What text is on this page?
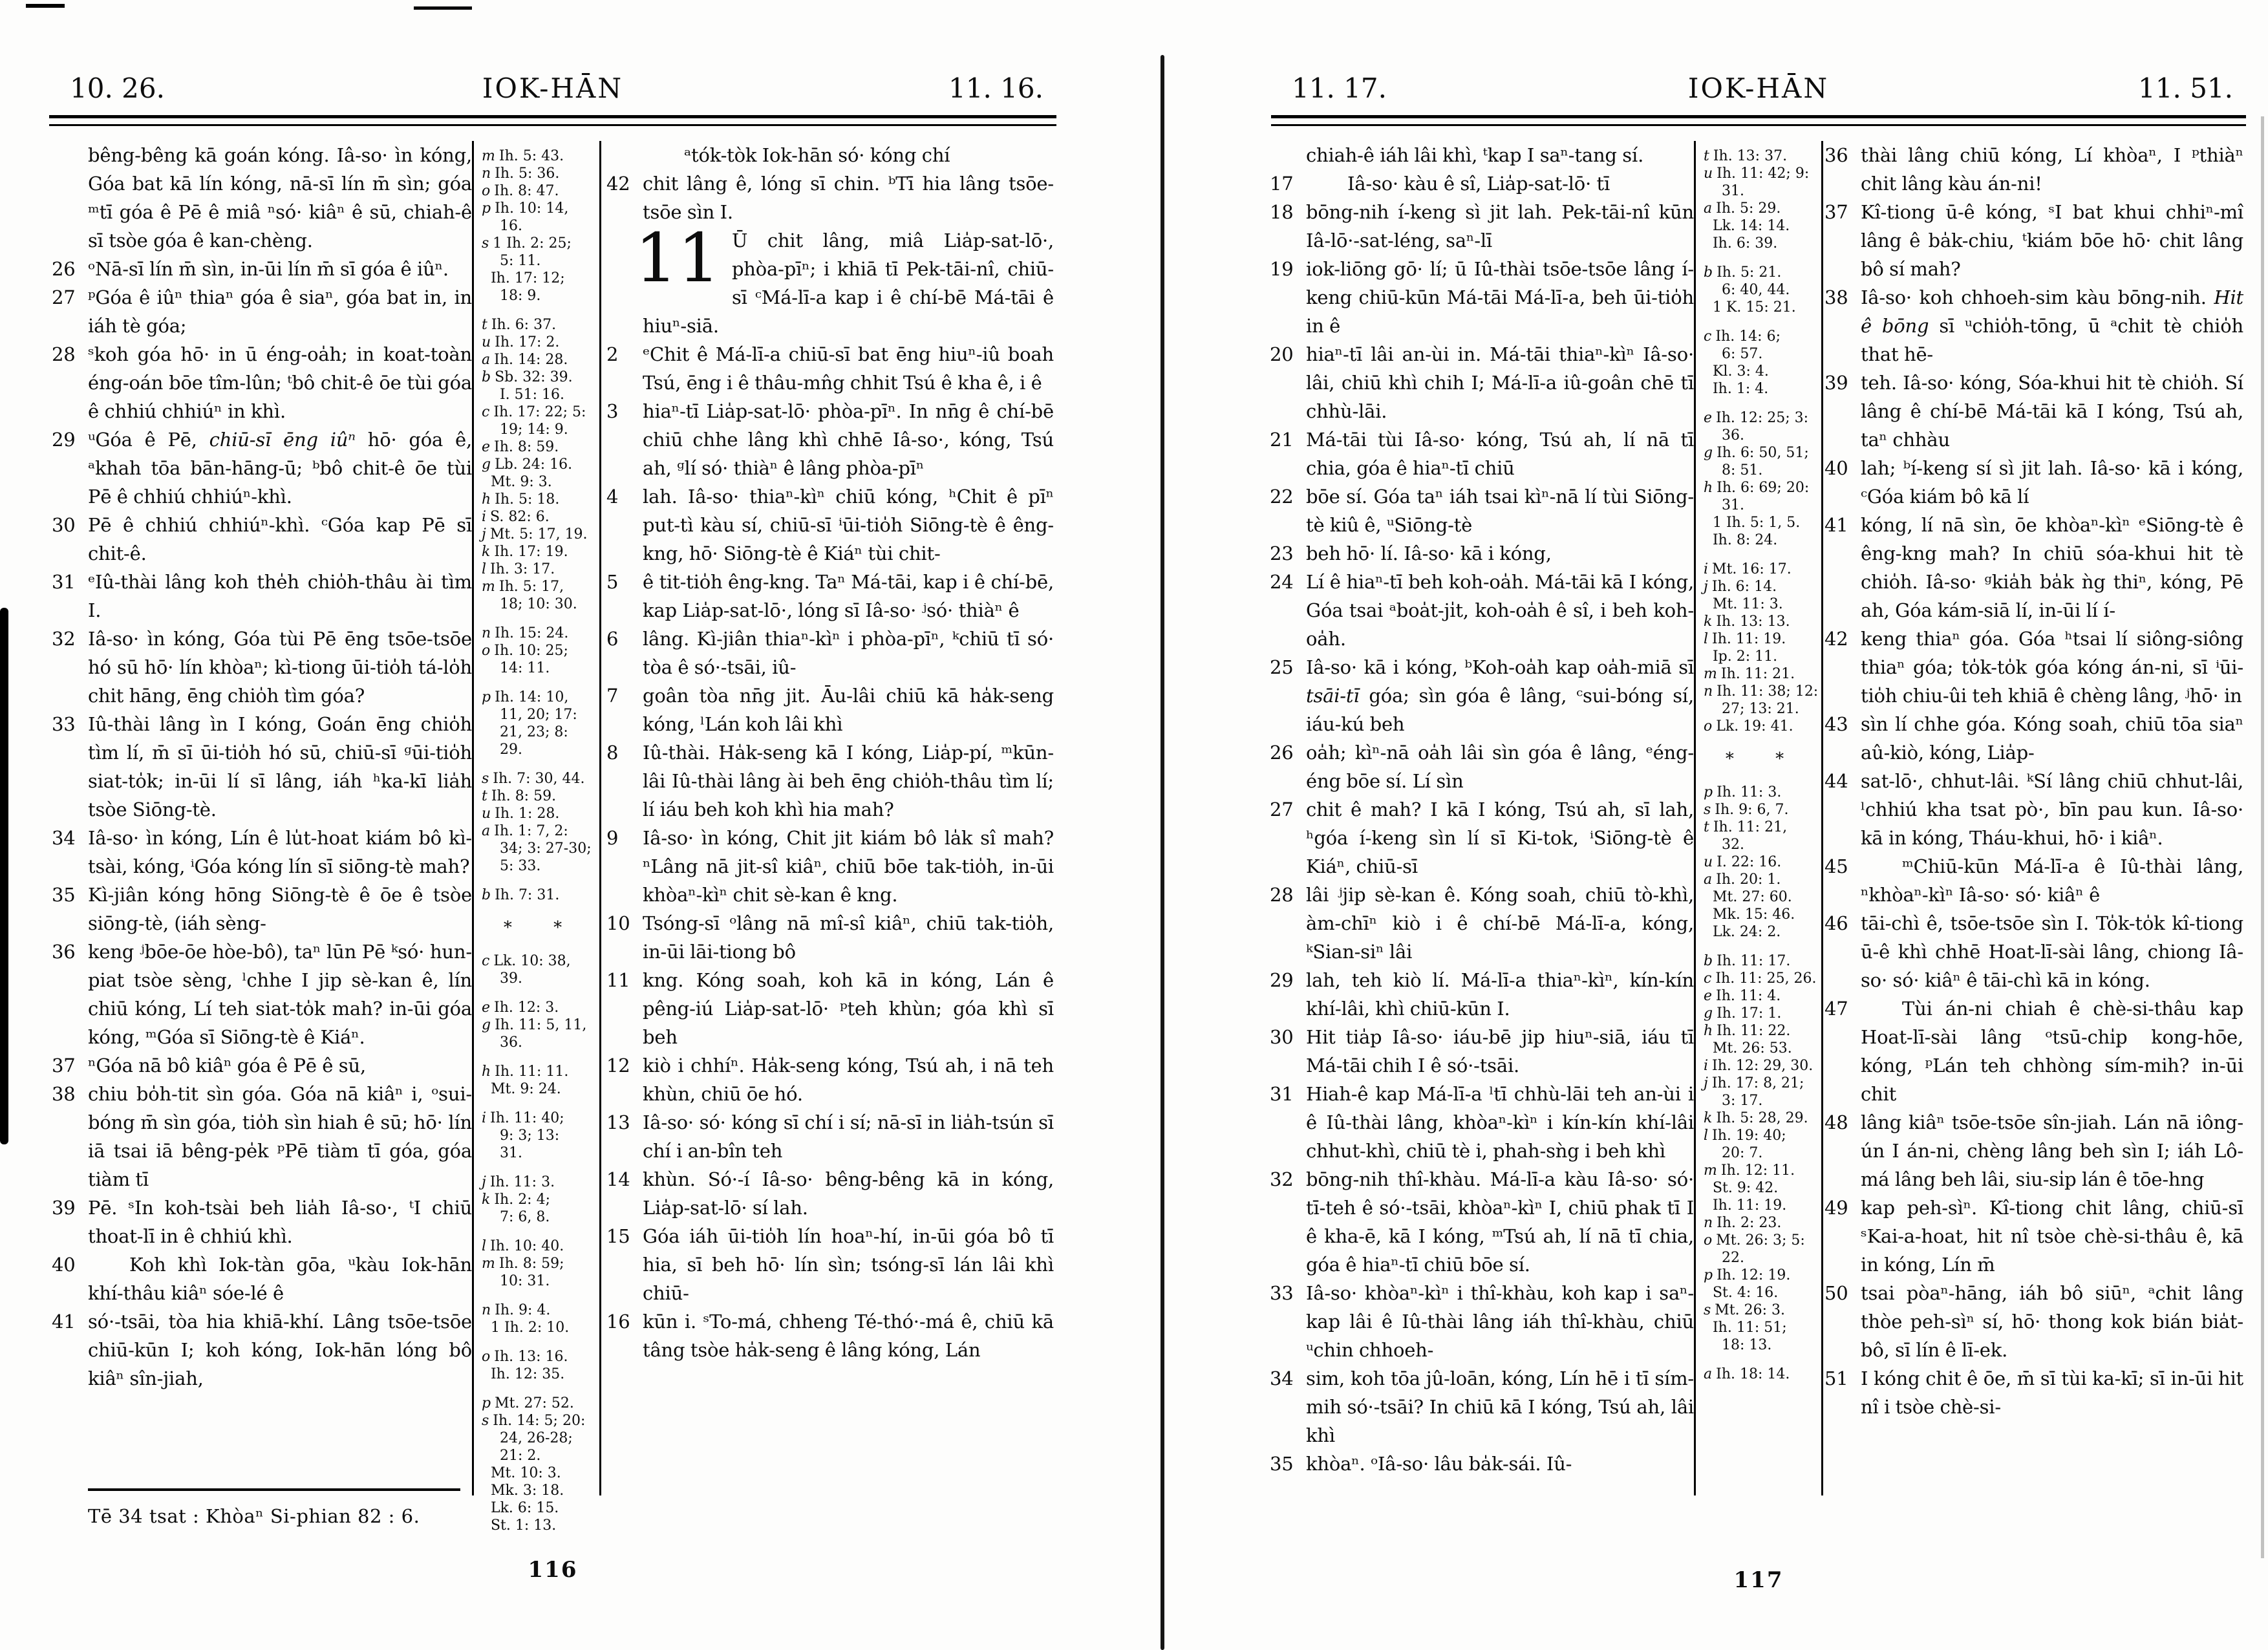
10. 26.	IOK-HĀN	11. 16.

bêng-bêng kā goán kóng. Iâ-so· ìn kóng, Góa bat kā lín kóng, nā-sī lín m̄ sìn; góa ᵐtī góa ê Pē ê miâ ⁿsó· kiâⁿ ê sū, chiah-ê sī tsòe góa ê kan-chèng.

26 ᵒNā-sī lín m̄ sìn, in-ūi lín m̄ sī góa ê iûⁿ.

27 ᵖGóa ê iûⁿ thiaⁿ góa ê siaⁿ, góa bat in, in iáh tè góa;

28 ˢkoh góa hō· in ū éng-oa̍h; in koat-toàn éng-oán bōe tîm-lûn; ᵗbô chit-ê ōe tùi góa ê chhiú chhiúⁿ in khì.

29 ᵘGóa ê Pē, chiū-sī ēng iûⁿ hō· góa ê, ᵃkhah tōa bān-hāng-ū; ᵇbô chit-ê ōe tùi Pē ê chhiú chhiúⁿ-khì.

30 Pē ê chhiú chhiúⁿ-khì. ᶜGóa kap Pē sī chit-ê.

31 ᵉIû-thài lâng koh the̍h chio̍h-thâu ài tìm I.

32 Iâ-so· ìn kóng, Góa tùi Pē ēng tsōe-tsōe hó sū hō· lín khòaⁿ; kì-tiong ūi-tio̍h tá-lo̍h chit hāng, ēng chio̍h tìm góa?

33 Iû-thài lâng ìn I kóng, Goán ēng chio̍h tìm lí, m̄ sī ūi-tio̍h hó sū, chiū-sī ᵍūi-tio̍h siat-to̍k; in-ūi lí sī lâng, iáh ʰka-kī lia̍h tsòe Siōng-tè.

34 Iâ-so· ìn kóng, Lín ê lu̍t-hoat kiám bô kì-tsài, kóng, ⁱGóa kóng lín sī siōng-tè mah?

35 Kì-jiân kóng hōng Siōng-tè ê ōe ê tsòe siōng-tè, (iáh sèng-

36 keng ʲbōe-ōe hòe-bô), taⁿ lūn Pē ᵏsó· hun-piat tsòe sèng, ˡchhe I jip sè-kan ê, lín chiū kóng, Lí teh siat-to̍k mah? in-ūi góa kóng, ᵐGóa sī Siōng-tè ê Kiáⁿ.

37 ⁿGóa nā bô kiâⁿ góa ê Pē ê sū,

38 chiu bo̍h-tit sìn góa. Góa nā kiâⁿ i, ᵒsui-bóng m̄ sìn góa, tio̍h sìn hiah ê sū; hō· lín iā tsai iā bêng-pe̍k ᵖPē tiàm tī góa, góa tiàm tī

39 Pē. ˢIn koh-tsài beh lia̍h Iâ-so·, ᵗI chiū thoat-lī in ê chhiú khì.

40	Koh khì Iok-tàn gōa, ᵘkàu Iok-hān khí-thâu kiâⁿ sóe-lé ê

41 só·-tsāi, tòa hia khiā-khí. Lâng tsōe-tsōe chiū-kūn I; koh kóng, Iok-hān lóng bô kiâⁿ sîn-jiah,

m Ih. 5: 43.
n Ih. 5: 36.
o Ih. 8: 47.
p Ih. 10: 14,
16.
s 1 Ih. 2: 25;
5: 11.
Ih. 17: 12;
18: 9.
t Ih. 6: 37.
u Ih. 17: 2.
a Ih. 14: 28.
b Sb. 32: 39.
I. 51: 16.
c Ih. 17: 22; 5:
19; 14: 9.
e Ih. 8: 59.
g Lb. 24: 16.
Mt. 9: 3.
h Ih. 5: 18.
i S. 82: 6.
j Mt. 5: 17, 19.
k Ih. 17: 19.
l Ih. 3: 17.
m Ih. 5: 17,
18; 10: 30.
n Ih. 15: 24.
o Ih. 10: 25;
14: 11.
p Ih. 14: 10,
11, 20; 17:
21, 23; 8:
29.
s Ih. 7: 30, 44.
t Ih. 8: 59.
u Ih. 1: 28.
a Ih. 1: 7, 2:
34; 3: 27-30;
5: 33.
b Ih. 7: 31.
* *
c Lk. 10: 38,
39.
e Ih. 12: 3.
g Ih. 11: 5, 11,
36.
h Ih. 11: 11.
Mt. 9: 24.
i Ih. 11: 40;
9: 3; 13:
31.
j Ih. 11: 3.
k Ih. 2: 4;
7: 6, 8.
l Ih. 10: 40.
m Ih. 8: 59;
10: 31.
n Ih. 9: 4.
1 Ih. 2: 10.
o Ih. 13: 16.
Ih. 12: 35.
p Mt. 27: 52.
s Ih. 14: 5; 20:
24, 26-28;
21: 2.
Mt. 10: 3.
Mk. 3: 18.
Lk. 6: 15.
St. 1: 13.

ᵃtók-tòk Iok-hān só· kóng chí

42 chit lâng ê, lóng sī chin. ᵇTī hia lâng tsōe-tsōe sìn I.

11 Ū chit lâng, miâ Lia̍p-sat-lō·, phòa-pīⁿ; i khiā tī Pek-tāi-nî, chiū-sī ᶜMá-lī-a kap i ê chí-bē Má-tāi ê hiuⁿ-siā.

2 ᵉChit ê Má-lī-a chiū-sī bat ēng hiuⁿ-iû boah Tsú, ēng i ê thâu-mn̂g chhit Tsú ê kha ê, i ê

3 hiaⁿ-tī Lia̍p-sat-lō· phòa-pīⁿ. In nn̄g ê chí-bē chiū chhe lâng khì chhē Iâ-so·, kóng, Tsú ah, ᵍlí só· thiàⁿ ê lâng phòa-pīⁿ

4 lah. Iâ-so· thiaⁿ-kìⁿ chiū kóng, ʰChit ê pīⁿ put-tì kàu sí, chiū-sī ⁱūi-tio̍h Siōng-tè ê êng-kng, hō· Siōng-tè ê Kiáⁿ tùi chit-

5 ê tit-tio̍h êng-kng. Taⁿ Má-tāi, kap i ê chí-bē, kap Lia̍p-sat-lō·, lóng sī Iâ-so· ʲsó· thiàⁿ ê

6 lâng. Kì-jiân thiaⁿ-kìⁿ i phòa-pīⁿ, ᵏchiū tī só· tòa ê só·-tsāi, iû-

7 goân tòa nn̄g jit. Āu-lâi chiū kā ha̍k-seng kóng, ˡLán koh lâi khì

8 Iû-thài. Ha̍k-seng kā I kóng, Lia̍p-pí, ᵐkūn-lâi Iû-thài lâng ài beh ēng chio̍h-thâu tìm lí; lí iáu beh koh khì hia mah?

9 Iâ-so· ìn kóng, Chit jit kiám bô la̍k sî mah? ⁿLâng nā jit-sî kiâⁿ, chiū bōe tak-tio̍h, in-ūi khòaⁿ-kìⁿ chit sè-kan ê kng.

10 Tsóng-sī ᵒlâng nā mî-sî kiâⁿ, chiū tak-tio̍h, in-ūi lāi-tiong bô

11 kng. Kóng soah, koh kā in kóng, Lán ê pêng-iú Lia̍p-sat-lō· ᵖteh khùn; góa khì sī beh

12 kiò i chhíⁿ. Ha̍k-seng kóng, Tsú ah, i nā teh khùn, chiū ōe hó.

13 Iâ-so· só· kóng sī chí i sí; nā-sī in lia̍h-tsún sī chí i an-bîn teh

14 khùn. Só·-í Iâ-so· bêng-bêng kā in kóng, Lia̍p-sat-lō· sí lah.

15 Góa iáh ūi-tio̍h lín hoaⁿ-hí, in-ūi góa bô tī hia, sī beh hō· lín sìn; tsóng-sī lán lâi khì chiū-

16 kūn i. ˢTo-má, chheng Té-thó·-má ê, chiū kā tâng tsòe ha̍k-seng ê lâng kóng, Lán

Tē 34 tsat : Khòaⁿ Si-phian 82 : 6.
116
11. 17.	IOK-HĀN	11. 51.

chiah-ê iáh lâi khì, ᵗkap I saⁿ-tang sí.

17	Iâ-so· kàu ê sî, Lia̍p-sat-lō· tī

18 bōng-nih í-keng sì jit lah. Pek-tāi-nî kūn Iâ-lō·-sat-léng, saⁿ-lī

19 iok-liōng gō· lí; ū Iû-thài tsōe-tsōe lâng í-keng chiū-kūn Má-tāi Má-lī-a, beh ūi-tio̍h in ê

20 hiaⁿ-tī lâi an-ùi in. Má-tāi thiaⁿ-kìⁿ Iâ-so· lâi, chiū khì chih I; Má-lī-a iû-goân chē tī chhù-lāi.

21 Má-tāi tùi Iâ-so· kóng, Tsú ah, lí nā tī chia, góa ê hiaⁿ-tī chiū

22 bōe sí. Góa taⁿ iáh tsai kìⁿ-nā lí tùi Siōng-tè kiû ê, ᵘSiōng-tè

23 beh hō· lí. Iâ-so· kā i kóng,

24 Lí ê hiaⁿ-tī beh koh-oa̍h. Má-tāi kā I kóng, Góa tsai ᵃboa̍t-ji̍t, koh-oa̍h ê sî, i beh koh-oa̍h.

25 Iâ-so· kā i kóng, ᵇKoh-oa̍h kap oa̍h-miā sī tsāi-tī góa; sìn góa ê lâng, ᶜsui-bóng sí, iáu-kú beh

26 oa̍h; kìⁿ-nā oa̍h lâi sìn góa ê lâng, ᵉéng-éng bōe sí. Lí sìn

27 chit ê mah? I kā I kóng, Tsú ah, sī lah, ʰgóa í-keng sìn lí sī Ki-tok, ⁱSiōng-tè ê Kiáⁿ, chiū-sī

28 lâi ʲjip sè-kan ê. Kóng soah, chiū tò-khì, àm-chīⁿ kiò i ê chí-bē Má-lī-a, kóng, ᵏSian-siⁿ lâi

29 lah, teh kiò lí. Má-lī-a thiaⁿ-kìⁿ, kín-kín khí-lâi, khì chiū-kūn I.

30 Hit tia̍p Iâ-so· iáu-bē jip hiuⁿ-siā, iáu tī Má-tāi chih I ê só·-tsāi.

31 Hiah-ê kap Má-lī-a ˡtī chhù-lāi teh an-ùi i ê Iû-thài lâng, khòaⁿ-kìⁿ i kín-kín khí-lâi chhut-khì, chiū tè i, phah-sǹg i beh khì

32 bōng-nih thî-khàu. Má-lī-a kàu Iâ-so· só· tī-teh ê só·-tsāi, khòaⁿ-kìⁿ I, chiū phak tī I ê kha-ē, kā I kóng, ᵐTsú ah, lí nā tī chia, góa ê hiaⁿ-tī chiū bōe sí.

33 Iâ-so· khòaⁿ-kìⁿ i thî-khàu, koh kap i saⁿ-kap lâi ê Iû-thài lâng iáh thî-khàu, chiū ᵘchin chhoeh-

34 sim, koh tōa jû-loān, kóng, Lín hē i tī sím-mih só·-tsāi? In chiū kā I kóng, Tsú ah, lâi khì

35 khòaⁿ. ᵒIâ-so· lâu ba̍k-sái. Iû-

t Ih. 13: 37.
u Ih. 11: 42; 9:
31.
a Ih. 5: 29.
Lk. 14: 14.
Ih. 6: 39.
b Ih. 5: 21.
6: 40, 44.
1 K. 15: 21.
c Ih. 14: 6;
6: 57.
Kl. 3: 4.
Ih. 1: 4.
e Ih. 12: 25; 3:
36.
g Ih. 6: 50, 51;
8: 51.
h Ih. 6: 69; 20:
31.
1 Ih. 5: 1, 5.
Ih. 8: 24.
i Mt. 16: 17.
j Ih. 6: 14.
Mt. 11: 3.
k Ih. 13: 13.
l Ih. 11: 19.
Ip. 2: 11.
m Ih. 11: 21.
n Ih. 11: 38; 12:
27; 13: 21.
o Lk. 19: 41.
* *
p Ih. 11: 3.
s Ih. 9: 6, 7.
t Ih. 11: 21,
32.
u I. 22: 16.
a Ih. 20: 1.
Mt. 27: 60.
Mk. 15: 46.
Lk. 24: 2.
b Ih. 11: 17.
c Ih. 11: 25, 26.
e Ih. 11: 4.
g Ih. 17: 1.
h Ih. 11: 22.
Mt. 26: 53.
i Ih. 12: 29, 30.
j Ih. 17: 8, 21;
3: 17.
k Ih. 5: 28, 29.
l Ih. 19: 40;
20: 7.
m Ih. 12: 11.
St. 9: 42.
Ih. 11: 19.
n Ih. 2: 23.
o Mt. 26: 3; 5:
22.
p Ih. 12: 19.
St. 4: 16.
s Mt. 26: 3.
Ih. 11: 51;
18: 13.
a Ih. 18: 14.

36 thài lâng chiū kóng, Lí khòaⁿ, I ᵖthiàⁿ chit lâng kàu án-ni!

37 Kî-tiong ū-ê kóng, ˢI bat khui chhiⁿ-mî lâng ê ba̍k-chiu, ᵗkiám bōe hō· chit lâng bô sí mah?

38 Iâ-so· koh chhoeh-sim kàu bōng-nih. Hit ê bōng sī ᵘchio̍h-tōng, ū ᵃchit tè chio̍h that hē-

39 teh. Iâ-so· kóng, Sóa-khui hit tè chio̍h. Sí lâng ê chí-bē Má-tāi kā I kóng, Tsú ah, taⁿ chhàu

40 lah; ᵇí-keng sí sì jit lah. Iâ-so· kā i kóng, ᶜGóa kiám bô kā lí

41 kóng, lí nā sìn, ōe khòaⁿ-kìⁿ ᵉSiōng-tè ê êng-kng mah? In chiū sóa-khui hit tè chio̍h. Iâ-so· ᵍkia̍h ba̍k ǹg thiⁿ, kóng, Pē ah, Góa kám-siā lí, in-ūi lí í-

42 keng thiaⁿ góa. Góa ʰtsai lí siông-siông thiaⁿ góa; to̍k-to̍k góa kóng án-ni, sī ⁱūi-tio̍h chiu-ûi teh khiā ê chèng lâng, ʲhō· in

43 sìn lí chhe góa. Kóng soah, chiū tōa siaⁿ aû-kiò, kóng, Lia̍p-

44 sat-lō·, chhut-lâi. ᵏSí lâng chiū chhut-lâi, ˡchhiú kha tsat pò·, bīn pau kun. Iâ-so· kā in kóng, Tháu-khui, hō· i kiâⁿ.

45	ᵐChiū-kūn Má-lī-a ê Iû-thài lâng, ⁿkhòaⁿ-kìⁿ Iâ-so· só· kiâⁿ ê

46 tāi-chì ê, tsōe-tsōe sìn I. To̍k-to̍k kî-tiong ū-ê khì chhē Hoat-lī-sài lâng, chiong Iâ-so· só· kiâⁿ ê tāi-chì kā in kóng.

47	Tùi án-ni chiah ê chè-si-thâu kap Hoat-lī-sài lâng ᵒtsū-chi̍p kong-hōe, kóng, ᵖLán teh chhòng sím-mih? in-ūi chit

48 lâng kiâⁿ tsōe-tsōe sîn-jiah. Lán nā iông-ún I án-ni, chèng lâng beh sìn I; iáh Lô-má lâng beh lâi, siu-si̍p lán ê tōe-hng

49 kap peh-sìⁿ. Kî-tiong chit lâng, chiū-sī ˢKai-a-hoat, hit nî tsòe chè-si-thâu ê, kā in kóng, Lín m̄

50 tsai pòaⁿ-hāng, iáh bô siūⁿ, ᵃchit lâng thòe peh-sìⁿ sí, hō· thong kok bián bia̍t-bô, sī lín ê lī-ek.

51 I kóng chit ê ōe, m̄ sī tùi ka-kī; sī in-ūi hit nî i tsòe chè-si-

117
